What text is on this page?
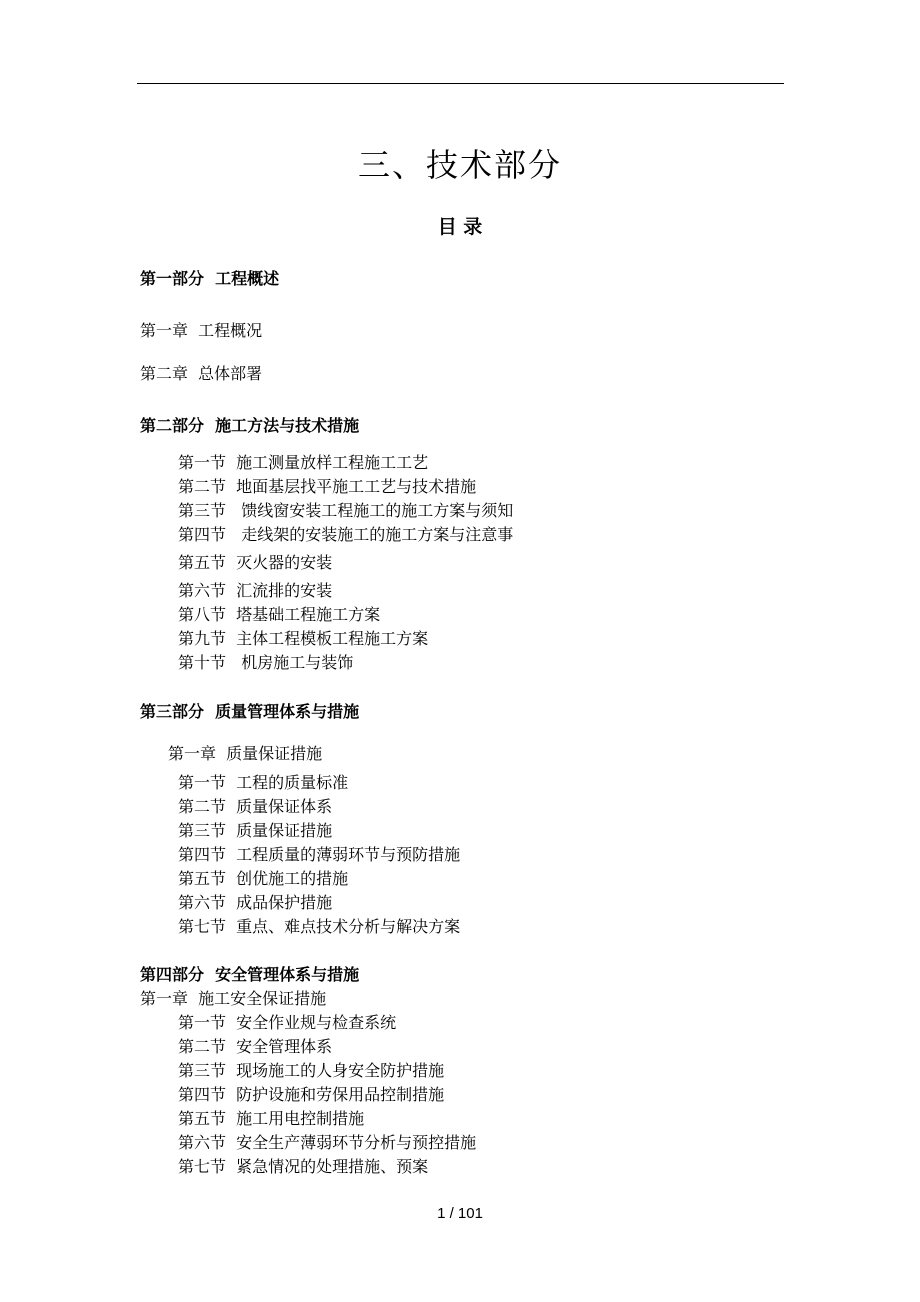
三、技术部分
目 录
第一部分  工程概述
第一章  工程概况
第二章  总体部署
第二部分  施工方法与技术措施
第一节  施工测量放样工程施工工艺
第二节  地面基层找平施工工艺与技术措施
第三节   馈线窗安装工程施工的施工方案与须知
第四节   走线架的安装施工的施工方案与注意事
第五节  灭火器的安装
第六节  汇流排的安装
第八节  塔基础工程施工方案
第九节  主体工程模板工程施工方案
第十节   机房施工与装饰
第三部分  质量管理体系与措施
第一章  质量保证措施
第一节  工程的质量标准
第二节  质量保证体系
第三节  质量保证措施
第四节  工程质量的薄弱环节与预防措施
第五节  创优施工的措施
第六节  成品保护措施
第七节  重点、难点技术分析与解决方案
第四部分  安全管理体系与措施
第一章  施工安全保证措施
第一节  安全作业规与检查系统
第二节  安全管理体系
第三节  现场施工的人身安全防护措施
第四节  防护设施和劳保用品控制措施
第五节  施工用电控制措施
第六节  安全生产薄弱环节分析与预控措施
第七节  紧急情况的处理措施、预案
1 / 101
